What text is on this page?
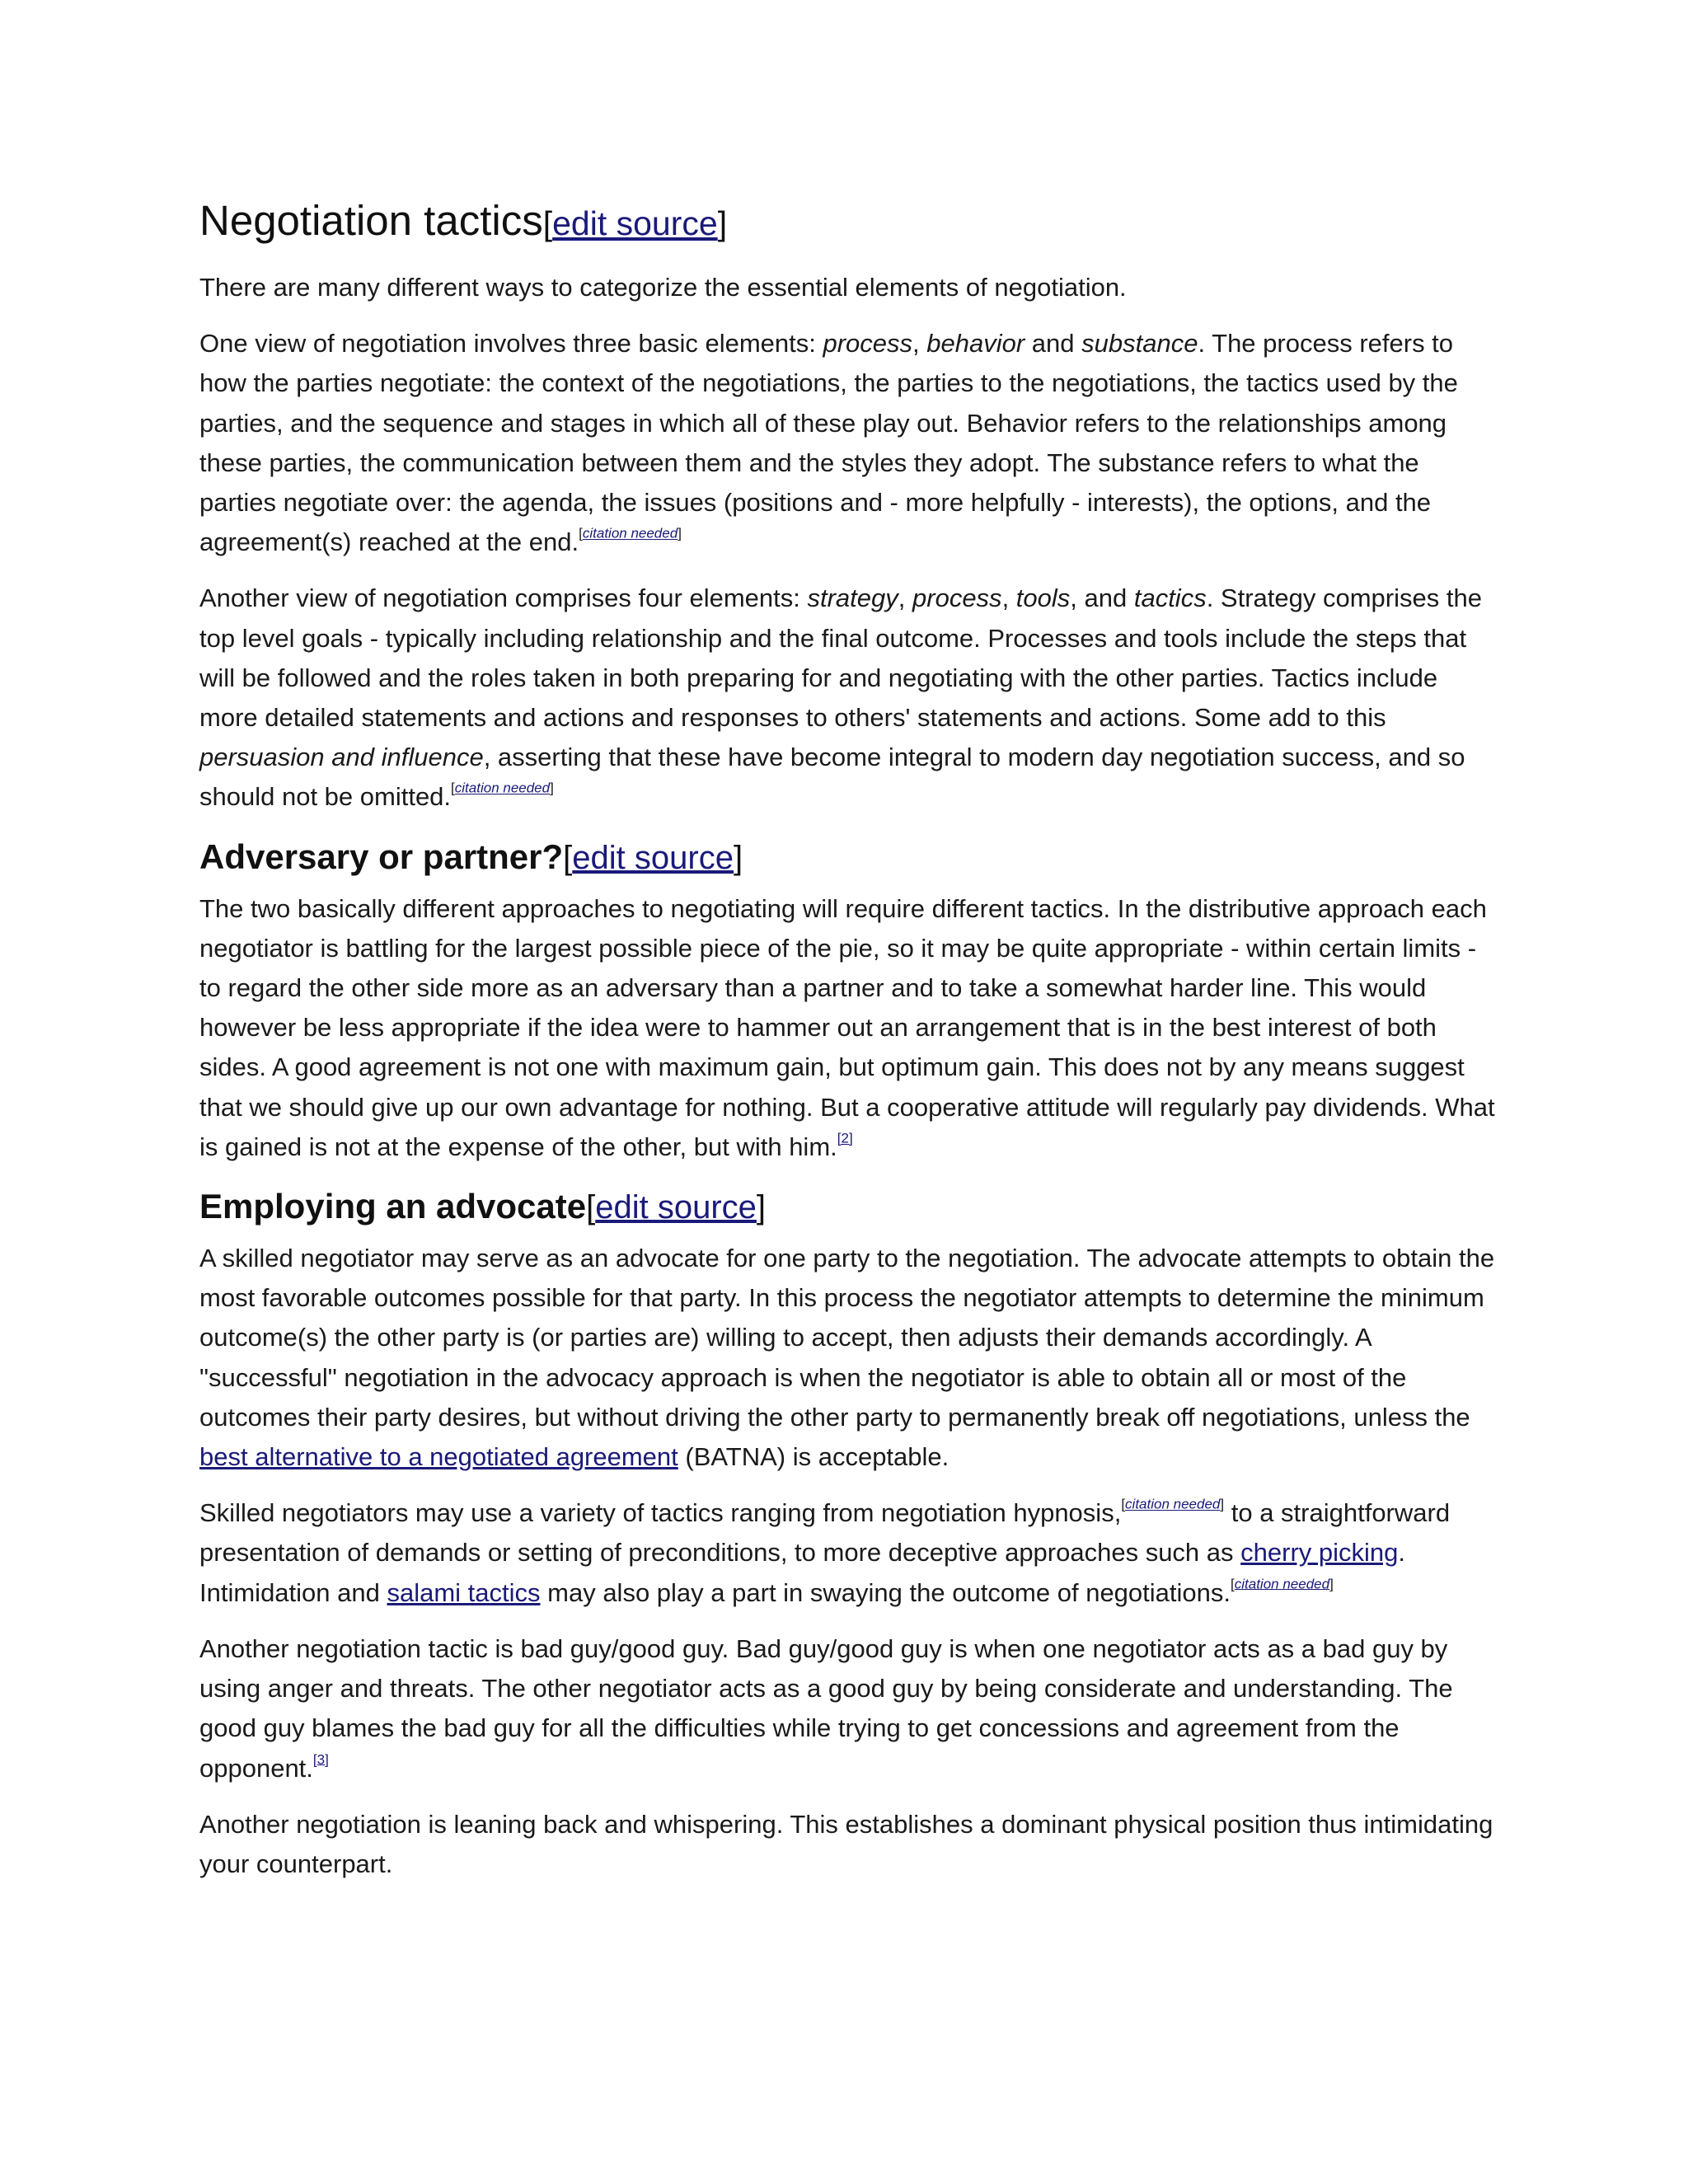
Negotiation tactics[edit source]

There are many different ways to categorize the essential elements of negotiation.

One view of negotiation involves three basic elements: process, behavior and substance. The process refers to how the parties negotiate: the context of the negotiations, the parties to the negotiations, the tactics used by the parties, and the sequence and stages in which all of these play out. Behavior refers to the relationships among these parties, the communication between them and the styles they adopt. The substance refers to what the parties negotiate over: the agenda, the issues (positions and - more helpfully - interests), the options, and the agreement(s) reached at the end.[citation needed]

Another view of negotiation comprises four elements: strategy, process, tools, and tactics. Strategy comprises the top level goals - typically including relationship and the final outcome. Processes and tools include the steps that will be followed and the roles taken in both preparing for and negotiating with the other parties. Tactics include more detailed statements and actions and responses to others' statements and actions. Some add to this persuasion and influence, asserting that these have become integral to modern day negotiation success, and so should not be omitted.[citation needed]

Adversary or partner?[edit source]

The two basically different approaches to negotiating will require different tactics. In the distributive approach each negotiator is battling for the largest possible piece of the pie, so it may be quite appropriate - within certain limits - to regard the other side more as an adversary than a partner and to take a somewhat harder line. This would however be less appropriate if the idea were to hammer out an arrangement that is in the best interest of both sides. A good agreement is not one with maximum gain, but optimum gain. This does not by any means suggest that we should give up our own advantage for nothing. But a cooperative attitude will regularly pay dividends. What is gained is not at the expense of the other, but with him.[2]

Employing an advocate[edit source]

A skilled negotiator may serve as an advocate for one party to the negotiation. The advocate attempts to obtain the most favorable outcomes possible for that party. In this process the negotiator attempts to determine the minimum outcome(s) the other party is (or parties are) willing to accept, then adjusts their demands accordingly. A "successful" negotiation in the advocacy approach is when the negotiator is able to obtain all or most of the outcomes their party desires, but without driving the other party to permanently break off negotiations, unless the best alternative to a negotiated agreement (BATNA) is acceptable.

Skilled negotiators may use a variety of tactics ranging from negotiation hypnosis,[citation needed] to a straightforward presentation of demands or setting of preconditions, to more deceptive approaches such as cherry picking. Intimidation and salami tactics may also play a part in swaying the outcome of negotiations.[citation needed]

Another negotiation tactic is bad guy/good guy. Bad guy/good guy is when one negotiator acts as a bad guy by using anger and threats. The other negotiator acts as a good guy by being considerate and understanding. The good guy blames the bad guy for all the difficulties while trying to get concessions and agreement from the opponent.[3]

Another negotiation is leaning back and whispering. This establishes a dominant physical position thus intimidating your counterpart.
